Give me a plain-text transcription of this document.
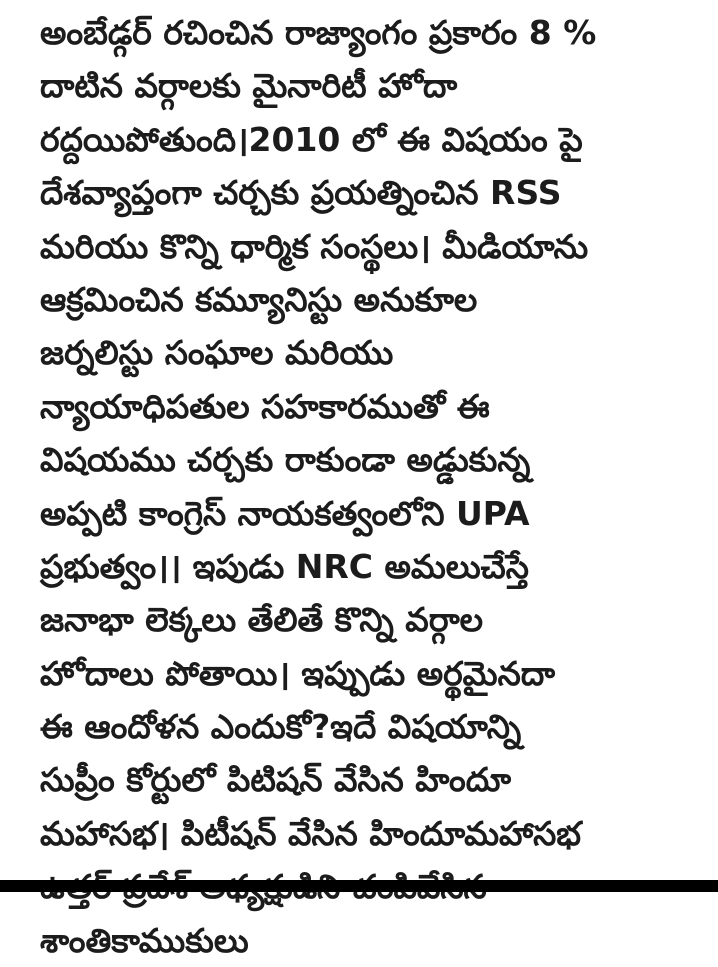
అంబేడ్గర్ రచించిన రాజ్యాంగం ప్రకారం 8 %
దాటిన వర్గాలకు మైనారిటీ హోదా
రద్దయిపోతుంది।2010 లో ఈ విషయం పై
దేశవ్యాప్తంగా చర్చకు ప్రయత్నించిన RSS
మరియు కొన్ని ధార్మిక సంస్థలు। మీడియాను
ఆక్రమించిన కమ్యూనిస్టు అనుకూల
జర్నలిస్టు సంఘాల మరియు
న్యాయాధిపతుల సహకారముతో ఈ
విషయము చర్చకు రాకుండా అడ్డుకున్న
అప్పటి కాంగ్రెస్ నాయకత్వంలోని UPA
ప్రభుత్వం।। ఇపుడు NRC అమలుచేస్తే
జనాభా లెక్కలు తేలితే కొన్ని వర్గాల
హోదాలు పోతాయి। ఇప్పుడు అర్థమైనదా
ఈ ఆందోళన ఎందుకో?ఇదే విషయాన్ని
సుప్రీం కోర్టులో పిటిషన్ వేసిన హిందూ
మహాసభ। పిటీషన్ వేసిన హిందూమహాసభ
శాంతికాముకులు
